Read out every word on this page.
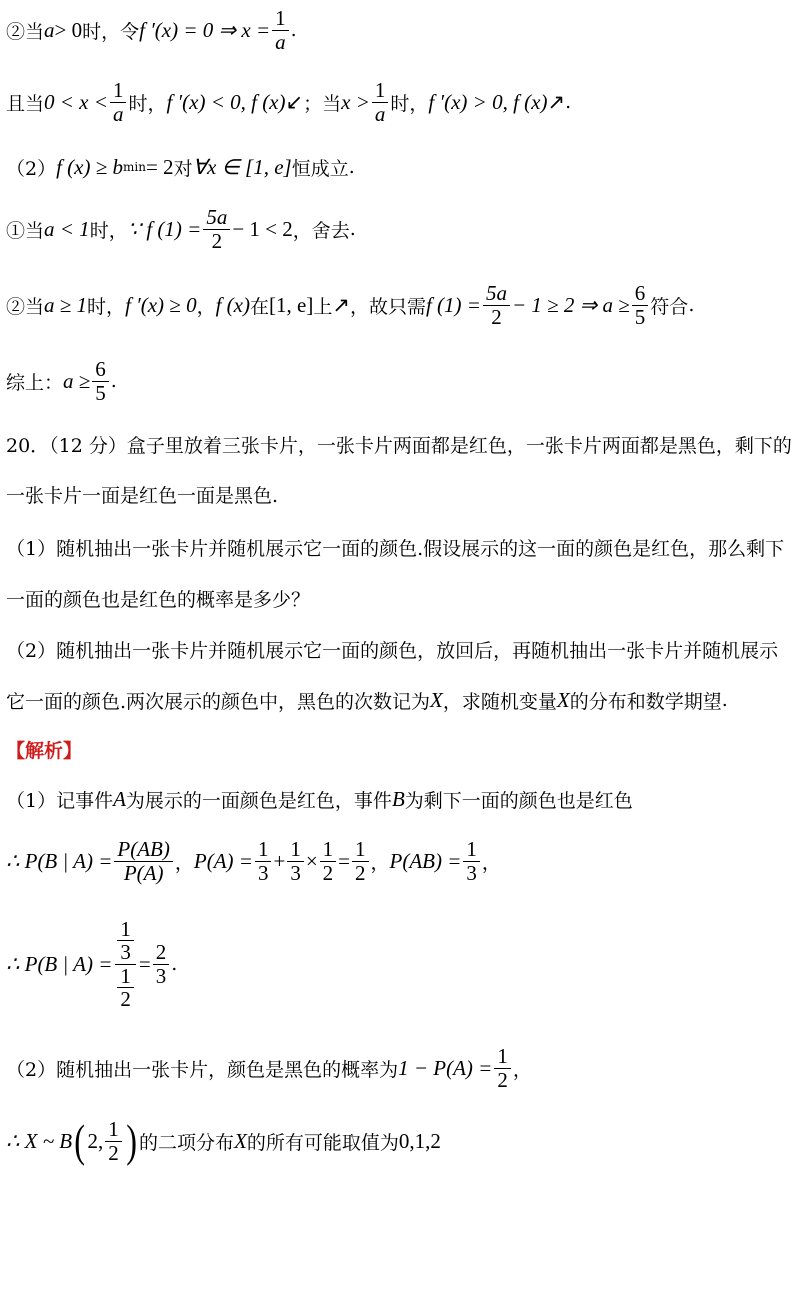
②当 a > 0 时，令 f ′(x) = 0 ⇒ $x = \frac{1}{a}$ .
且当 $0 < x < \frac{1}{a}$ 时， f ′(x) < 0, f (x) ↙ ；当 $x > \frac{1}{a}$ 时， f ′(x) > 0, f (x) ↗ .
（2） f (x) ≥ b min = 2 对 ∀x ∈ [1, e] 恒成立 .
①当 a < 1 时， ∵ f $(1) = \frac{5a}{2} - 1 < 2$ ，舍去 .
②当 a ≥ 1 时， f ′(x) ≥ 0 ， f (x) 在 [1, e] 上 ↗ ，故只需 f $(1) = \frac{5a}{2} - 1 \ge 2$ ⇒ $a \ge \frac{6}{5}$ 符合 .
综上： $a \ge \frac{6}{5}$ .
20．（12 分）盒子里放着三张卡片，一张卡片两面都是红色，一张卡片两面都是黑色，剩下的
一张卡片一面是红色一面是黑色.
（1）随机抽出一张卡片并随机展示它一面的颜色.假设展示的这一面的颜色是红色，那么剩下
一面的颜色也是红色的概率是多少？
（2）随机抽出一张卡片并随机展示它一面的颜色，放回后，再随机抽出一张卡片并随机展示
它一面的颜色.两次展示的颜色中，黑色的次数记为 X ，求随机变量 X 的分布和数学期望 .
【解析】
（1）记事件 A 为展示的一面颜色是红色，事件 B 为剩下一面的颜色也是红色
∴ P(B | $A) = \frac{P(AB)}{P(A)}$ ， $P(A) = \frac{1}{3} + \frac{1}{3} \times \frac{1}{2} = \frac{1}{2}$ ， $P(AB) = \frac{1}{3}$ ，
∴ P(B | $A) = \frac{\frac{1}{3}}{\frac{1}{2}} = \frac{2}{3}$ .
（2）随机抽出一张卡片，颜色是黑色的概率为 $1 - P(A) = \frac{1}{2}$ ，
∴ X ~ B ( 2, $\frac{1}{2}$ ) 的二项分布 X 的所有可能取值为 0,1,2
